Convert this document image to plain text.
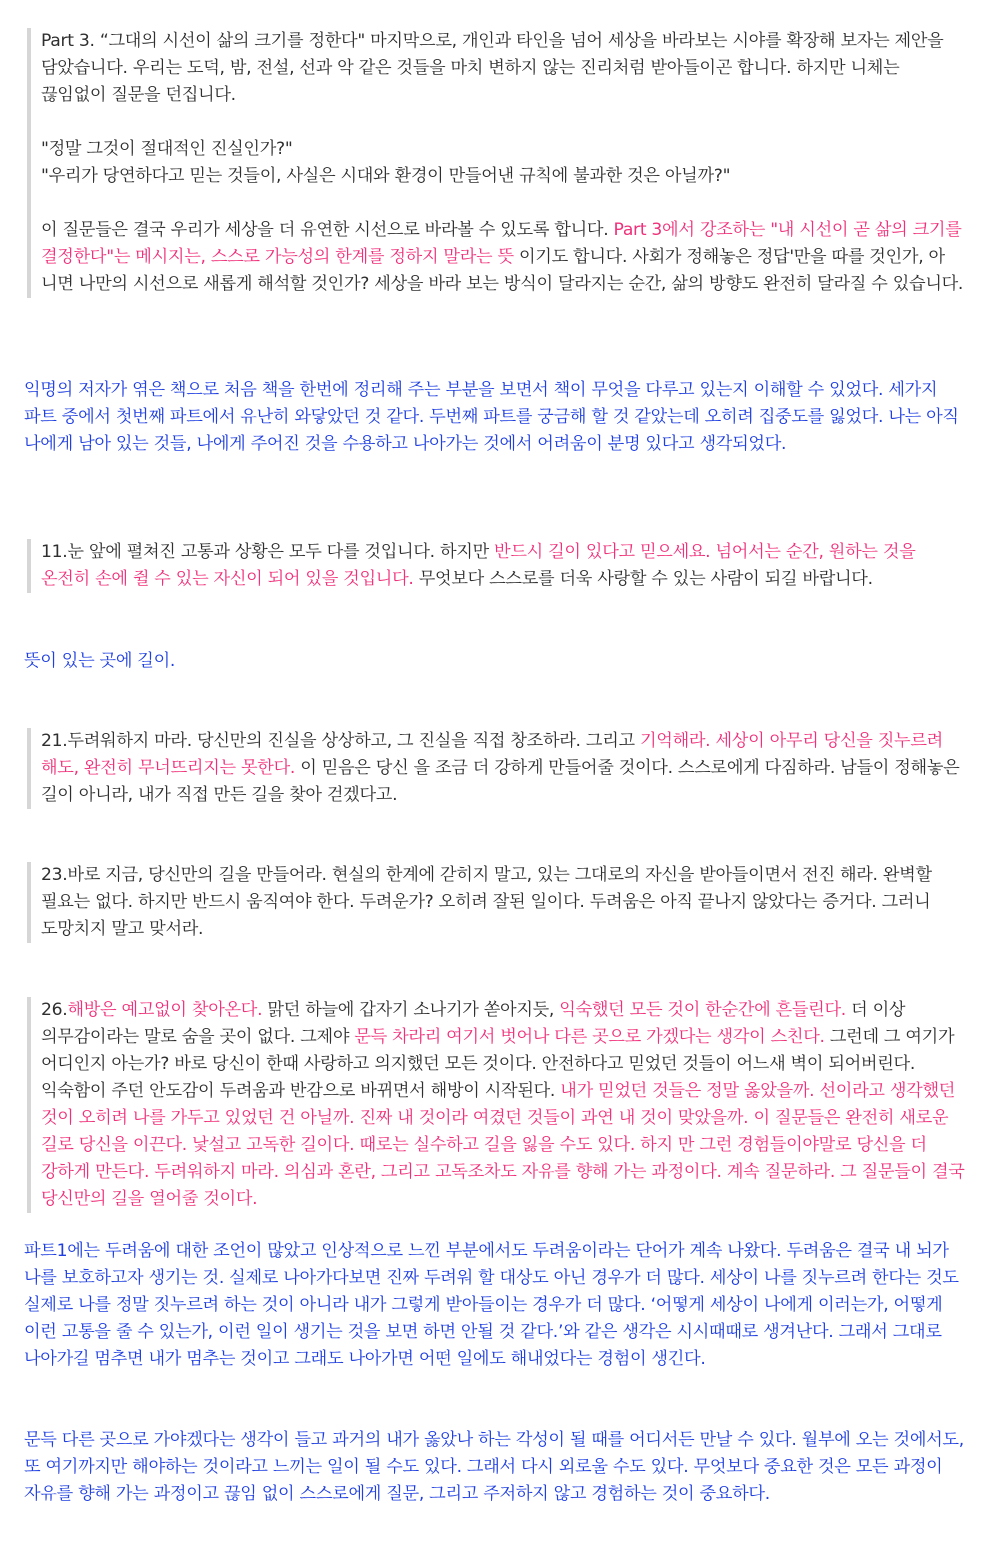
Part 3. “그대의 시선이 삶의 크기를 정한다" 마지막으로, 개인과 타인을 넘어 세상을 바라보는 시야를 확장해 보자는 제안을 담았습니다. 우리는 도덕, 밤, 전설, 선과 악 같은 것들을 마치 변하지 않는 진리처럼 받아들이곤 합니다. 하지만 니체는 끊임없이 질문을 던집니다.

"정말 그것이 절대적인 진실인가?"

"우리가 당연하다고 믿는 것들이, 사실은 시대와 환경이 만들어낸 규칙에 불과한 것은 아닐까?"

이 질문들은 결국 우리가 세상을 더 유연한 시선으로 바라볼 수 있도록 합니다. Part 3에서 강조하는 "내 시선이 곧 삶의 크기를 결정한다"는 메시지는, 스스로 가능성의 한계를 정하지 말라는 뜻 이기도 합니다. 사회가 정해놓은 정답'만을 따를 것인가, 아 니면 나만의 시선으로 새롭게 해석할 것인가? 세상을 바라 보는 방식이 달라지는 순간, 삶의 방향도 완전히 달라질 수 있습니다.

익명의 저자가 엮은 책으로 처음 책을 한번에 정리해 주는 부분을 보면서 책이 무엇을 다루고 있는지 이해할 수 있었다. 세가지 파트 중에서 첫번째 파트에서 유난히 와닿았던 것 같다. 두번째 파트를 궁금해 할 것 같았는데 오히려 집중도를 잃었다. 나는 아직 나에게 남아 있는 것들, 나에게 주어진 것을 수용하고 나아가는 것에서 어려움이 분명 있다고 생각되었다.

11.눈 앞에 펼쳐진 고통과 상황은 모두 다를 것입니다. 하지만 반드시 길이 있다고 믿으세요. 넘어서는 순간, 원하는 것을 온전히 손에 쥘 수 있는 자신이 되어 있을 것입니다. 무엇보다 스스로를 더욱 사랑할 수 있는 사람이 되길 바랍니다.

뜻이 있는 곳에 길이.

21.두려워하지 마라. 당신만의 진실을 상상하고, 그 진실을 직접 창조하라. 그리고 기억해라. 세상이 아무리 당신을 짓누르려 해도, 완전히 무너뜨리지는 못한다. 이 믿음은 당신 을 조금 더 강하게 만들어줄 것이다. 스스로에게 다짐하라. 남들이 정해놓은 길이 아니라, 내가 직접 만든 길을 찾아 걷겠다고.

23.바로 지금, 당신만의 길을 만들어라. 현실의 한계에 갇히지 말고, 있는 그대로의 자신을 받아들이면서 전진 해라. 완벽할 필요는 없다. 하지만 반드시 움직여야 한다. 두려운가? 오히려 잘된 일이다. 두려움은 아직 끝나지 않았다는 증거다. 그러니 도망치지 말고 맞서라.

26.해방은 예고없이 찾아온다. 맑던 하늘에 갑자기 소나기가 쏟아지듯, 익숙했던 모든 것이 한순간에 흔들린다. 더 이상 의무감이라는 말로 숨을 곳이 없다. 그제야 문득 차라리 여기서 벗어나 다른 곳으로 가겠다는 생각이 스친다. 그런데 그 여기가 어디인지 아는가? 바로 당신이 한때 사랑하고 의지했던 모든 것이다. 안전하다고 믿었던 것들이 어느새 벽이 되어버린다. 익숙함이 주던 안도감이 두려움과 반감으로 바뀌면서 해방이 시작된다. 내가 믿었던 것들은 정말 옳았을까. 선이라고 생각했던 것이 오히려 나를 가두고 있었던 건 아닐까. 진짜 내 것이라 여겼던 것들이 과연 내 것이 맞았을까. 이 질문들은 완전히 새로운 길로 당신을 이끈다. 낯설고 고독한 길이다. 때로는 실수하고 길을 잃을 수도 있다. 하지 만 그런 경험들이야말로 당신을 더 강하게 만든다. 두려워하지 마라. 의심과 혼란, 그리고 고독조차도 자유를 향해 가는 과정이다. 계속 질문하라. 그 질문들이 결국 당신만의 길을 열어줄 것이다.

파트1에는 두려움에 대한 조언이 많았고 인상적으로 느낀 부분에서도 두려움이라는 단어가 계속 나왔다. 두려움은 결국 내 뇌가 나를 보호하고자 생기는 것. 실제로 나아가다보면 진짜 두려워 할 대상도 아닌 경우가 더 많다. 세상이 나를 짓누르려 한다는 것도 실제로 나를 정말 짓누르려 하는 것이 아니라 내가 그렇게 받아들이는 경우가 더 많다. ‘어떻게 세상이 나에게 이러는가, 어떻게 이런 고통을 줄 수 있는가, 이런 일이 생기는 것을 보면 하면 안될 것 같다.’와 같은 생각은 시시때때로 생겨난다. 그래서 그대로 나아가길 멈추면 내가 멈추는 것이고 그래도 나아가면 어떤 일에도 해내었다는 경험이 생긴다.

문득 다른 곳으로 가야겠다는 생각이 들고 과거의 내가 옳았나 하는 각성이 될 때를 어디서든 만날 수 있다. 월부에 오는 것에서도, 또 여기까지만 해야하는 것이라고 느끼는 일이 될 수도 있다. 그래서 다시 외로울 수도 있다. 무엇보다 중요한 것은 모든 과정이 자유를 향해 가는 과정이고 끊임 없이 스스로에게 질문, 그리고 주저하지 않고 경험하는 것이 중요하다.
